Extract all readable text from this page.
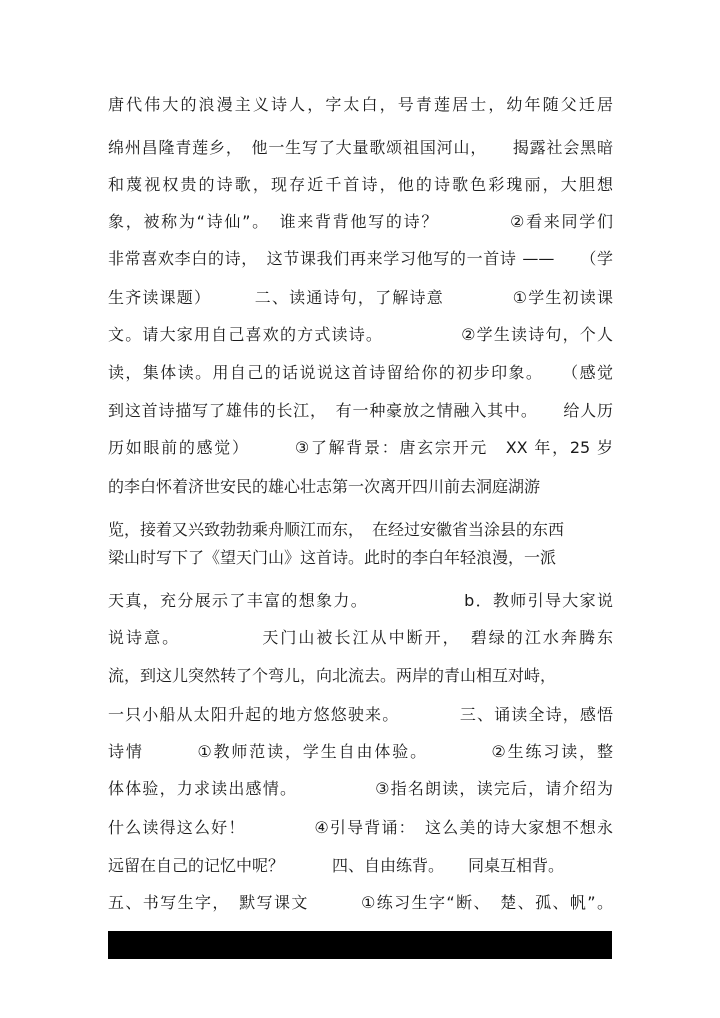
唐代伟大的浪漫主义诗人，字太白，号青莲居士，幼年随父迁居
绵州昌隆青莲乡，　他一生写了大量歌颂祖国河山，　　揭露社会黑暗
和蔑视权贵的诗歌，现存近千首诗，他的诗歌色彩瑰丽，大胆想
象，被称为“诗仙”。　谁来背背他写的诗？　　　　②看来同学们
非常喜欢李白的诗，　这节课我们再来学习他写的一首诗 ——　　（学
生齐读课题）　　　二、读通诗句，了解诗意　　　　①学生初读课
文。请大家用自己喜欢的方式读诗。　　　　　②学生读诗句，个人
读，集体读。用自己的话说说这首诗留给你的初步印象。　　（感觉
到这首诗描写了雄伟的长江，　有一种豪放之情融入其中。　　给人历
历如眼前的感觉）　　　③了解背景：唐玄宗开元　XX 年，25 岁
的李白怀着济世安民的雄心壮志第一次离开四川前去洞庭湖游
览，接着又兴致勃勃乘舟顺江而东，　在经过安徽省当涂县的东西
梁山时写下了《望天门山》这首诗。此时的李白年轻浪漫，一派
天真，充分展示了丰富的想象力。　　　　　　b．教师引导大家说
说诗意。　　　　　天门山被长江从中断开，　碧绿的江水奔腾东
流，到这儿突然转了个弯儿，向北流去。两岸的青山相互对峙，
一只小船从太阳升起的地方悠悠驶来。　　　　三、诵读全诗，感悟
诗情　　　①教师范读，学生自由体验。　　　　②生练习读，整
体体验，力求读出感情。　　　　　③指名朗读，读完后，请介绍为
什么读得这么好！　　　　④引导背诵：　这么美的诗大家想不想永
远留在自己的记忆中呢？　　　四、自由练背。　　同桌互相背。
五、书写生字，　默写课文　　　①练习生字“断、　楚、孤、帆”。
